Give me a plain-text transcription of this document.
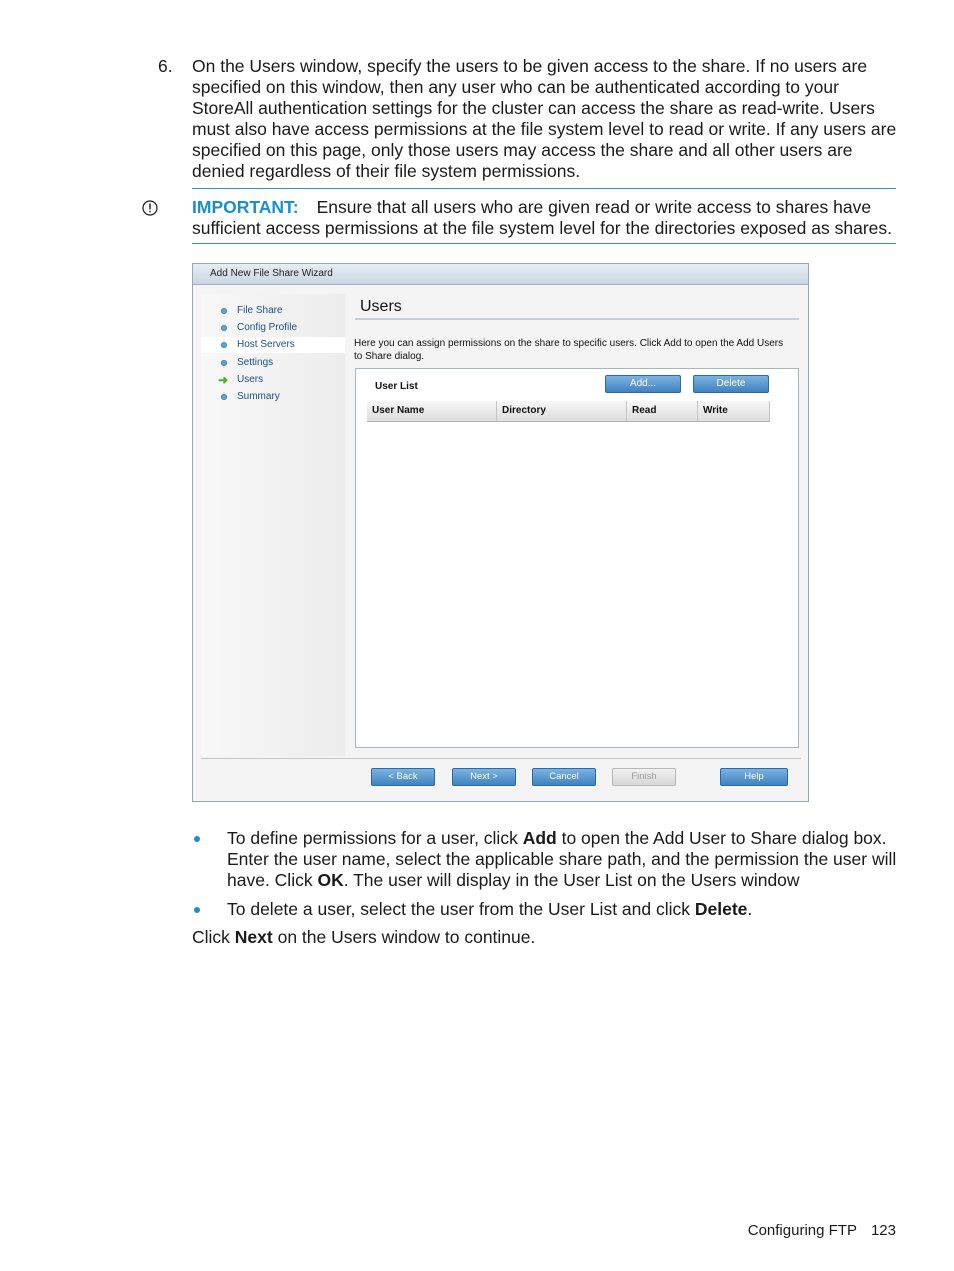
6. On the Users window, specify the users to be given access to the share. If no users are specified on this window, then any user who can be authenticated according to your StoreAll authentication settings for the cluster can access the share as read-write. Users must also have access permissions at the file system level to read or write. If any users are specified on this page, only those users may access the share and all other users are denied regardless of their file system permissions.
IMPORTANT: Ensure that all users who are given read or write access to shares have sufficient access permissions at the file system level for the directories exposed as shares.
Add New File Share Wizard
File Share
Config Profile
Host Servers
Settings
➜ Users
Summary
Users
Here you can assign permissions on the share to specific users. Click Add to open the Add Users to Share dialog.
User List	Add...	Delete
User Name	Directory	Read	Write
< Back	Next >	Cancel	Finish	Help
To define permissions for a user, click Add to open the Add User to Share dialog box. Enter the user name, select the applicable share path, and the permission the user will have. Click OK. The user will display in the User List on the Users window
To delete a user, select the user from the User List and click Delete.
Click Next on the Users window to continue.
Configuring FTP 123
